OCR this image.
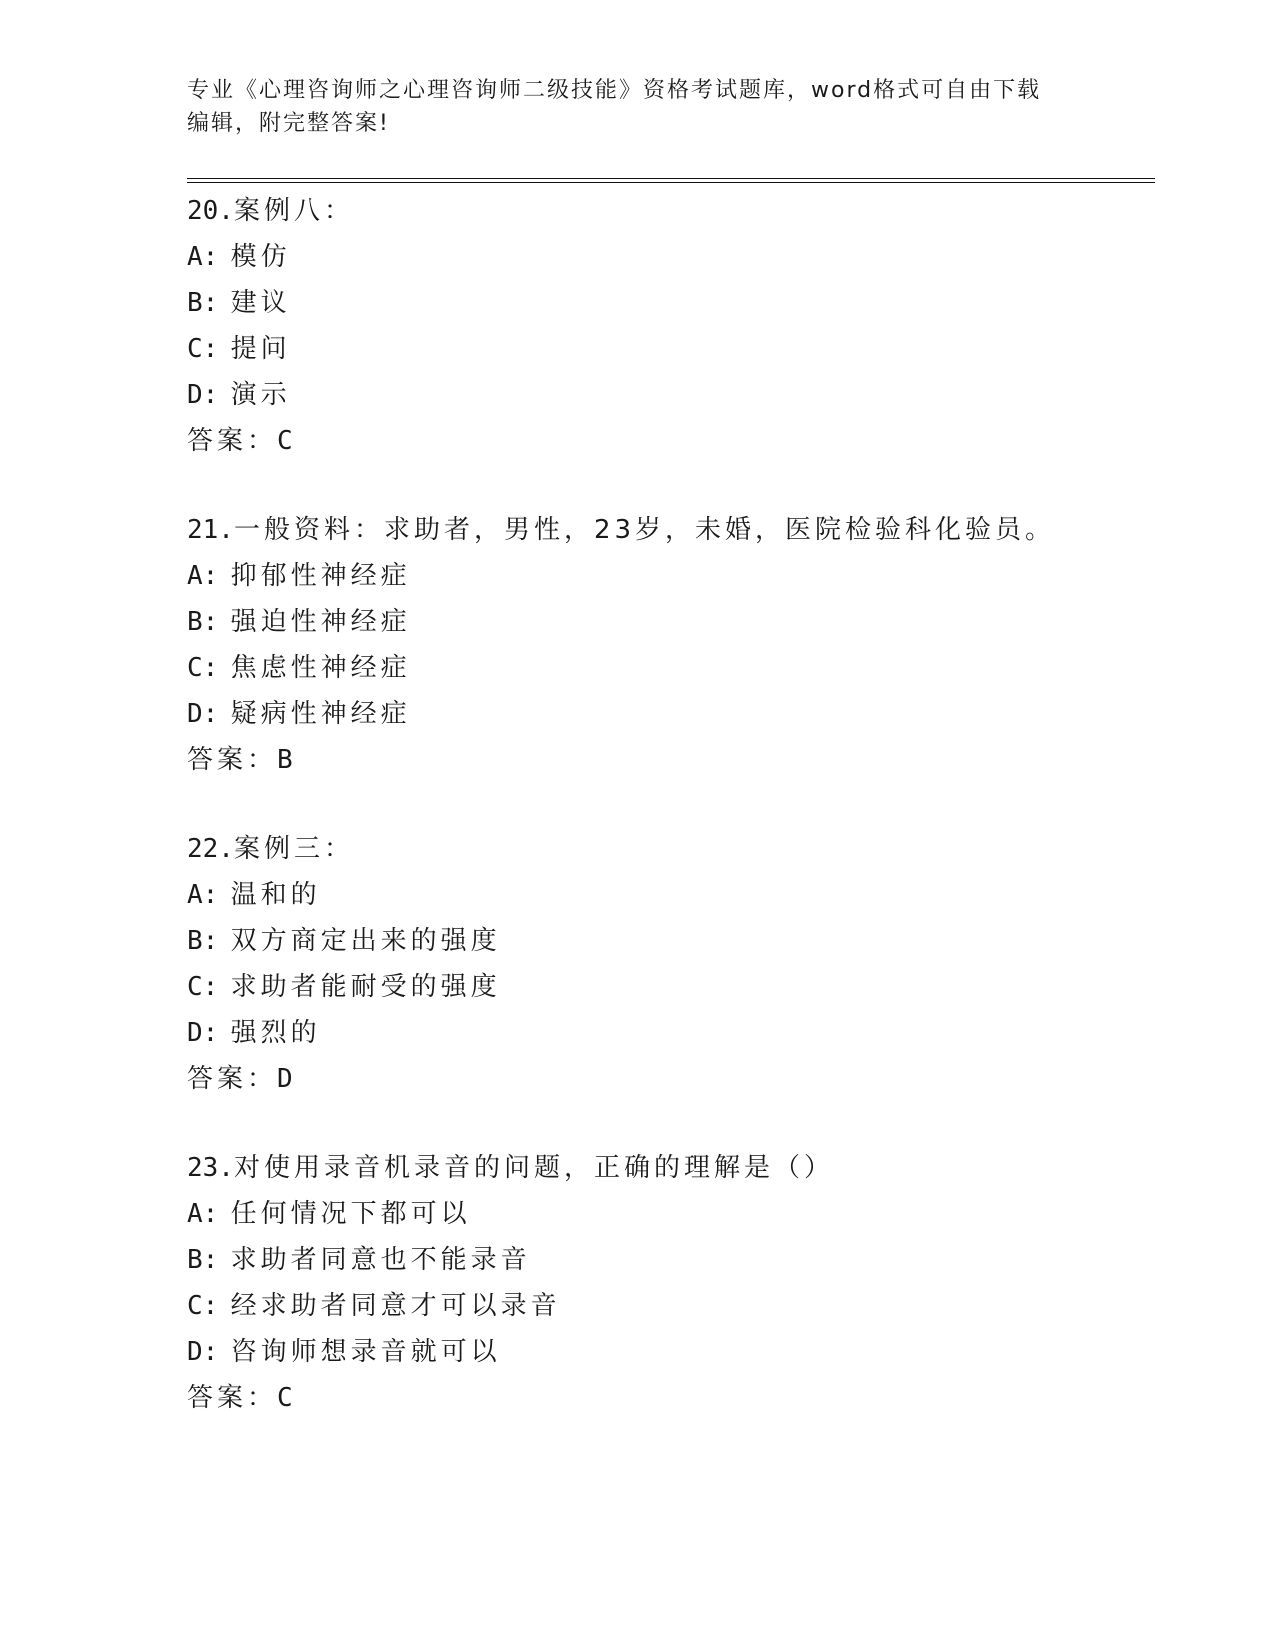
专业《心理咨询师之心理咨询师二级技能》资格考试题库，word格式可自由下载
编辑，附完整答案!
20.案例八：
A: 模仿
B: 建议
C: 提问
D: 演示
答案：C
21.一般资料：求助者，男性，23岁，未婚，医院检验科化验员。
A: 抑郁性神经症
B: 强迫性神经症
C: 焦虑性神经症
D: 疑病性神经症
答案：B
22.案例三：
A: 温和的
B: 双方商定出来的强度
C: 求助者能耐受的强度
D: 强烈的
答案：D
23.对使用录音机录音的问题，正确的理解是（）
A: 任何情况下都可以
B: 求助者同意也不能录音
C: 经求助者同意才可以录音
D: 咨询师想录音就可以
答案：C
